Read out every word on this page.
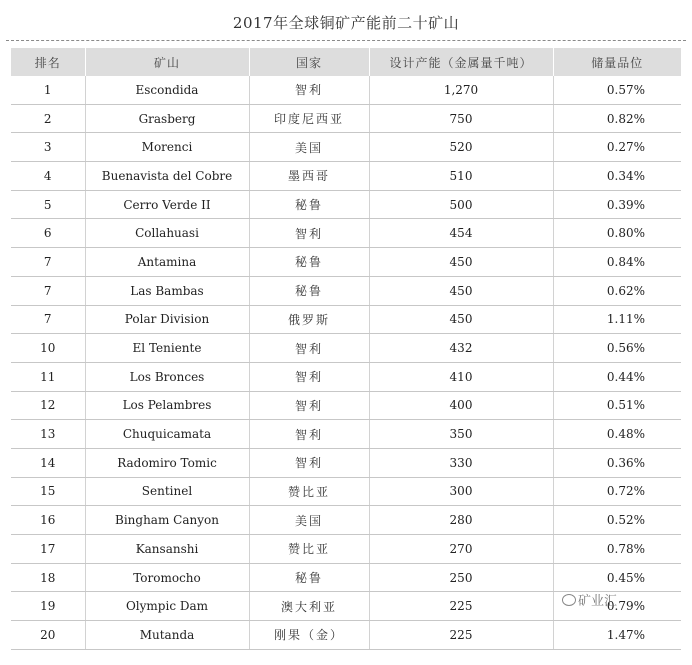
2017年全球铜矿产能前二十矿山
排名	矿山	国家	设计产能（金属量千吨）	储量品位
1	Escondida	智利	1,270	0.57%
2	Grasberg	印度尼西亚	750	0.82%
3	Morenci	美国	520	0.27%
4	Buenavista del Cobre	墨西哥	510	0.34%
5	Cerro Verde II	秘鲁	500	0.39%
6	Collahuasi	智利	454	0.80%
7	Antamina	秘鲁	450	0.84%
7	Las Bambas	秘鲁	450	0.62%
7	Polar Division	俄罗斯	450	1.11%
10	El Teniente	智利	432	0.56%
11	Los Bronces	智利	410	0.44%
12	Los Pelambres	智利	400	0.51%
13	Chuquicamata	智利	350	0.48%
14	Radomiro Tomic	智利	330	0.36%
15	Sentinel	赞比亚	300	0.72%
16	Bingham Canyon	美国	280	0.52%
17	Kansanshi	赞比亚	270	0.78%
18	Toromocho	秘鲁	250	0.45%
19	Olympic Dam	澳大利亚	225	0.79%
20	Mutanda	刚果（金）	225	1.47%
矿业汇
